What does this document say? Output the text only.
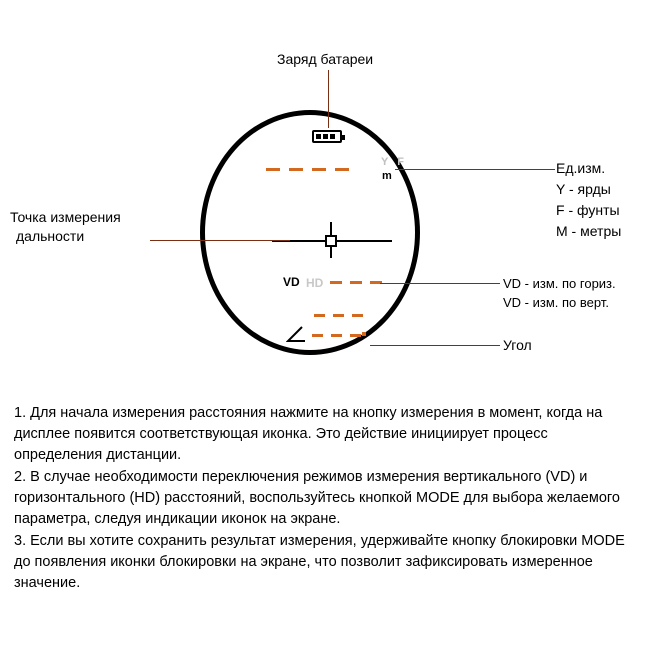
Y F
m
VD HD
Заряд батареи
Точка измерения
дальности
Ед.изм.
Y - ярды
F - фунты
M - метры
VD - изм. по гориз.
VD - изм. по верт.
Угол

1. Для начала измерения расстояния нажмите на кнопку измерения в момент, когда на дисплее появится соответствующая иконка. Это действие инициирует процесс определения дистанции.

2. В случае необходимости переключения режимов измерения вертикального (VD) и горизонтального (HD) расстояний, воспользуйтесь кнопкой MODE для выбора желаемого параметра, следуя индикации иконок на экране.

3. Если вы хотите сохранить результат измерения, удерживайте кнопку блокировки MODE до появления иконки блокировки на экране, что позволит зафиксировать измеренное значение.
